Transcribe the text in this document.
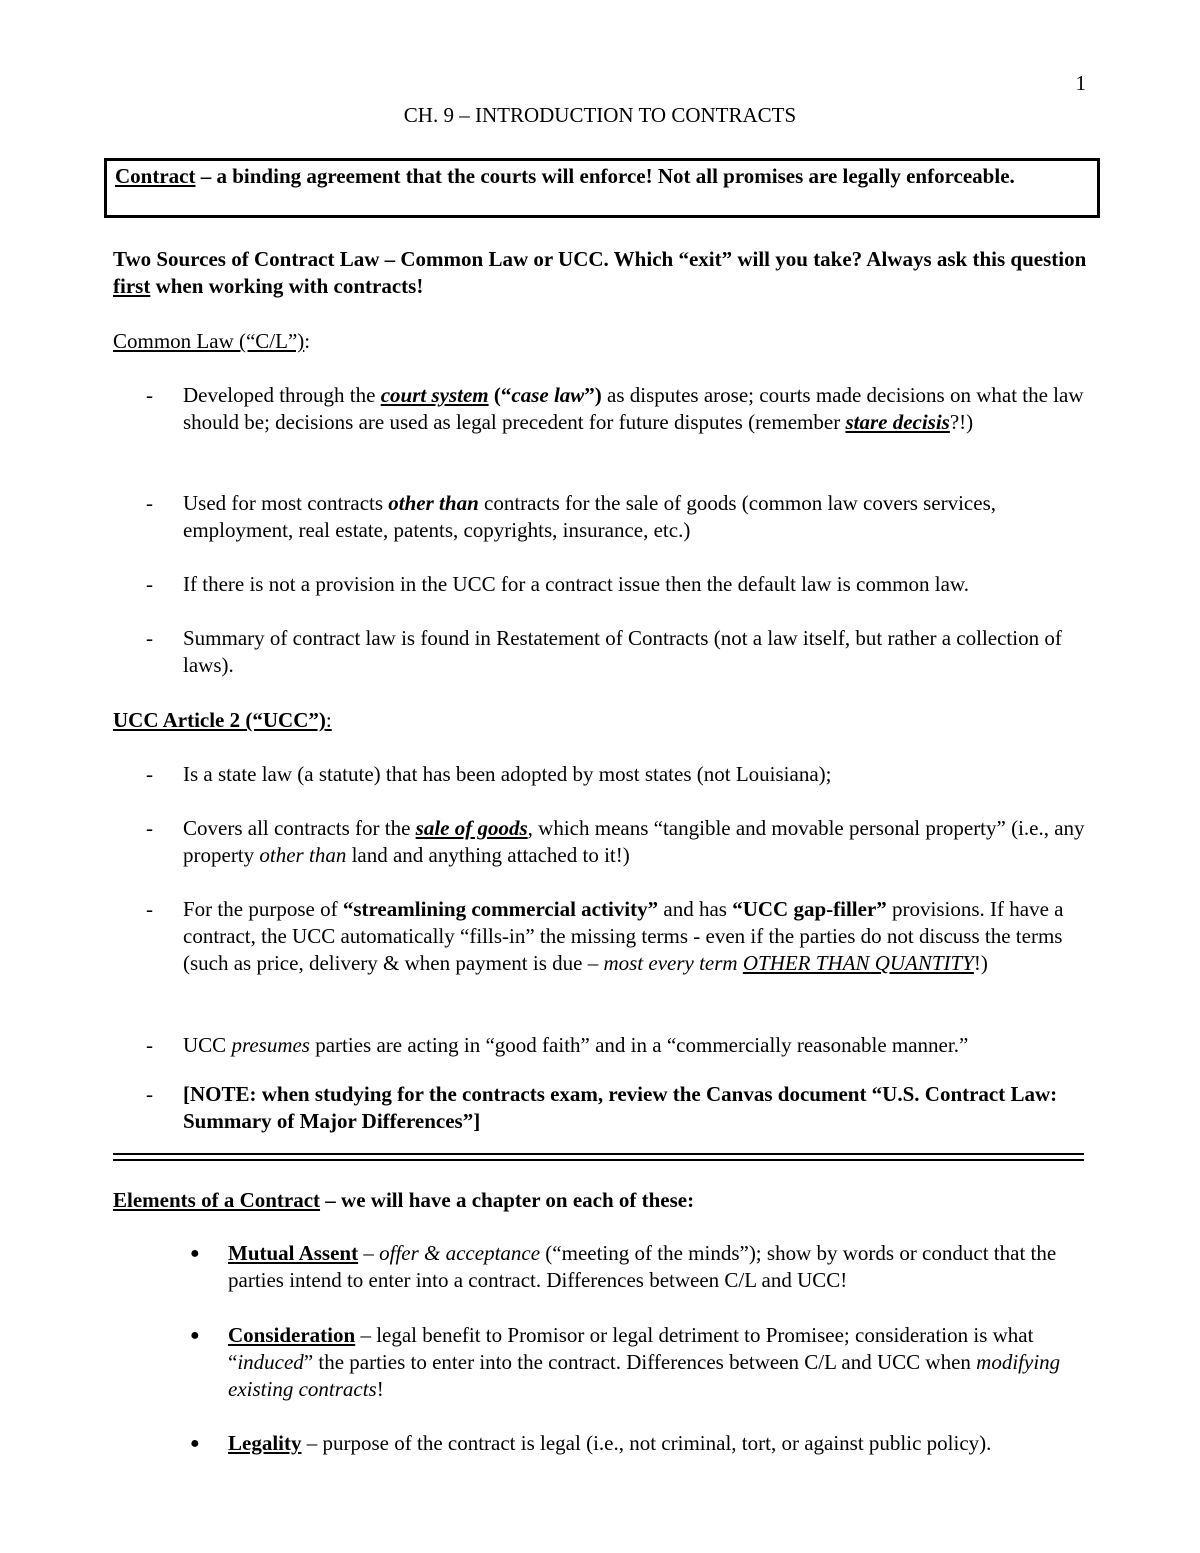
1
CH. 9 – INTRODUCTION TO CONTRACTS
Contract – a binding agreement that the courts will enforce! Not all promises are legally enforceable.
Two Sources of Contract Law – Common Law or UCC. Which “exit” will you take? Always ask this question first when working with contracts!
Common Law (“C/L”):
- Developed through the court system (“case law”) as disputes arose; courts made decisions on what the law should be; decisions are used as legal precedent for future disputes (remember stare decisis?!)
- Used for most contracts other than contracts for the sale of goods (common law covers services, employment, real estate, patents, copyrights, insurance, etc.)
- If there is not a provision in the UCC for a contract issue then the default law is common law.
- Summary of contract law is found in Restatement of Contracts (not a law itself, but rather a collection of laws).
UCC Article 2 (“UCC”):
- Is a state law (a statute) that has been adopted by most states (not Louisiana);
- Covers all contracts for the sale of goods, which means “tangible and movable personal property” (i.e., any property other than land and anything attached to it!)
- For the purpose of “streamlining commercial activity” and has “UCC gap-filler” provisions. If have a contract, the UCC automatically “fills-in” the missing terms - even if the parties do not discuss the terms (such as price, delivery & when payment is due – most every term OTHER THAN QUANTITY!)
- UCC presumes parties are acting in “good faith” and in a “commercially reasonable manner.”
- [NOTE: when studying for the contracts exam, review the Canvas document “U.S. Contract Law: Summary of Major Differences”]
Elements of a Contract – we will have a chapter on each of these:
● Mutual Assent – offer & acceptance (“meeting of the minds”); show by words or conduct that the parties intend to enter into a contract. Differences between C/L and UCC!
● Consideration – legal benefit to Promisor or legal detriment to Promisee; consideration is what “induced” the parties to enter into the contract. Differences between C/L and UCC when modifying existing contracts!
● Legality – purpose of the contract is legal (i.e., not criminal, tort, or against public policy).
